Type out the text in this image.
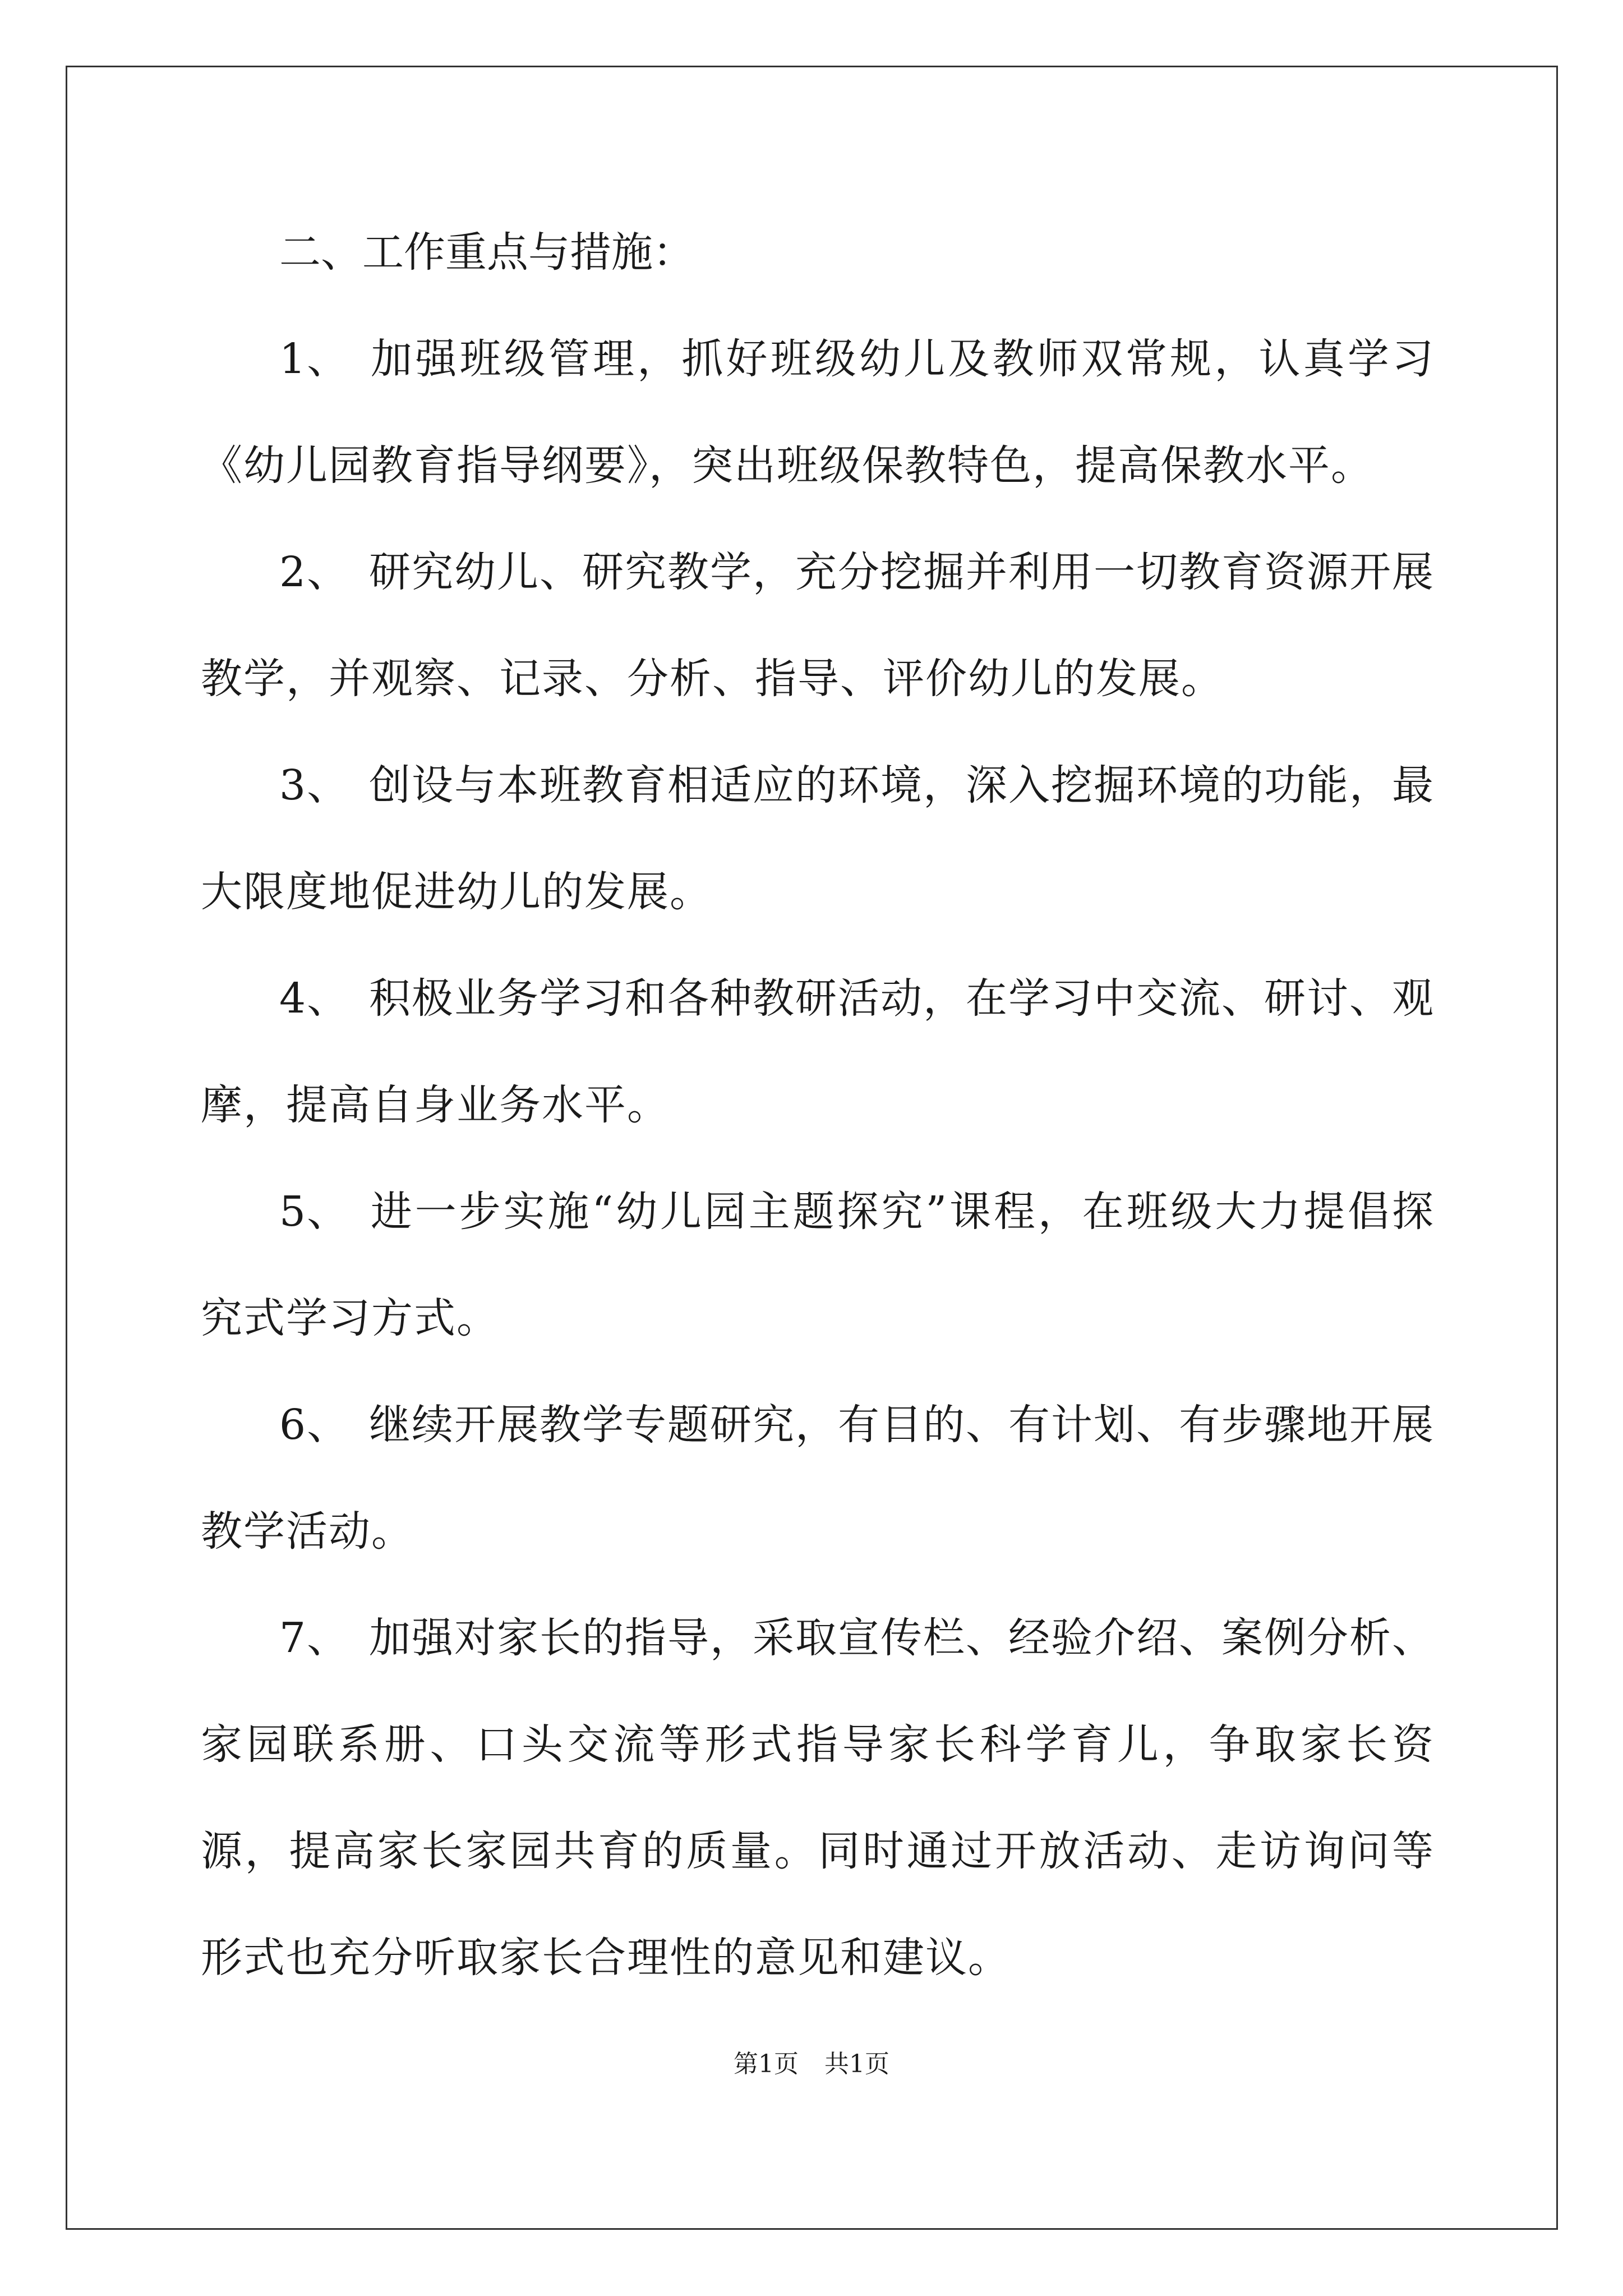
二、工作重点与措施：

1、 加强班级管理，抓好班级幼儿及教师双常规，认真学习《幼儿园教育指导纲要》，突出班级保教特色，提高保教水平。

2、 研究幼儿、研究教学，充分挖掘并利用一切教育资源开展教学，并观察、记录、分析、指导、评价幼儿的发展。

3、 创设与本班教育相适应的环境，深入挖掘环境的功能，最大限度地促进幼儿的发展。

4、 积极业务学习和各种教研活动，在学习中交流、研讨、观摩，提高自身业务水平。

5、 进一步实施“幼儿园主题探究”课程，在班级大力提倡探究式学习方式。

6、 继续开展教学专题研究，有目的、有计划、有步骤地开展教学活动。

7、 加强对家长的指导，采取宣传栏、经验介绍、案例分析、家园联系册、口头交流等形式指导家长科学育儿，争取家长资源，提高家长家园共育的质量。同时通过开放活动、走访询问等形式也充分听取家长合理性的意见和建议。

第1页 共1页
